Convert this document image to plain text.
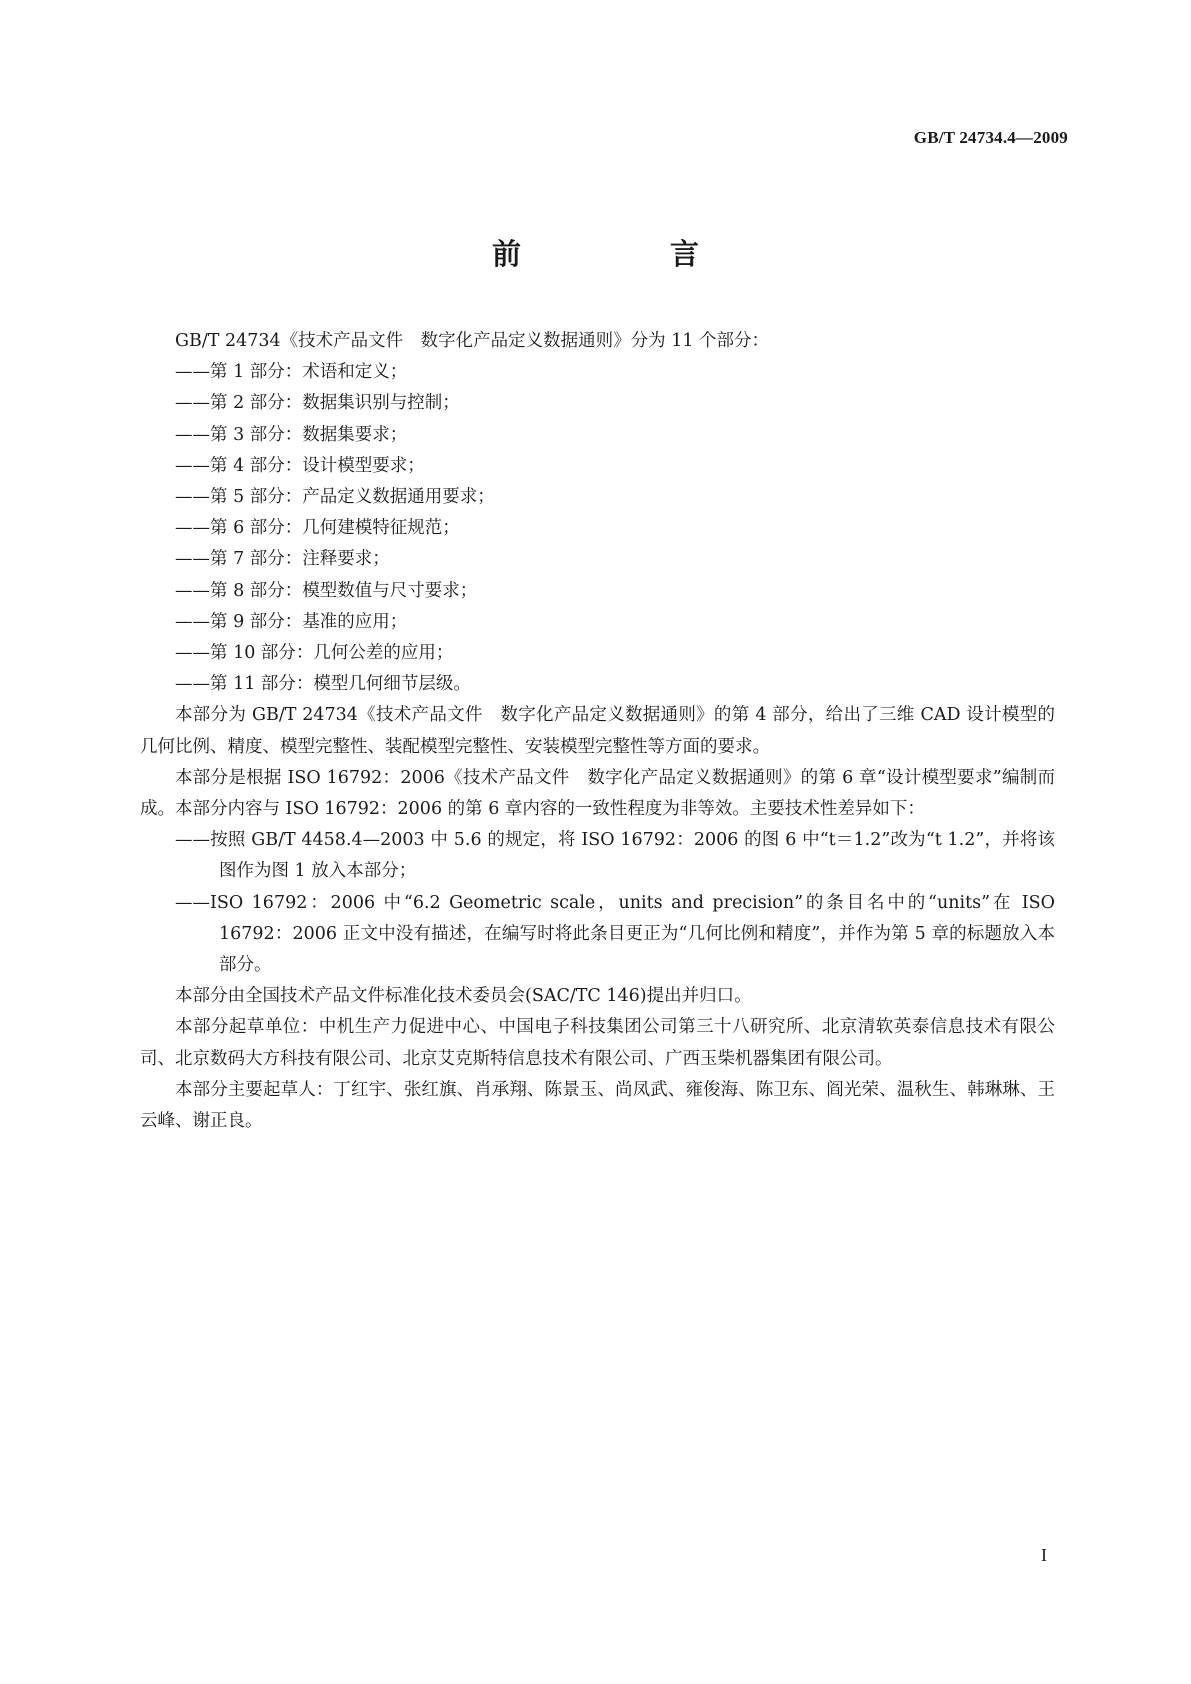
GB/T 24734.4—2009
前　言

GB/T 24734《技术产品文件　数字化产品定义数据通则》分为 11 个部分：

——第 1 部分：术语和定义；

——第 2 部分：数据集识别与控制；

——第 3 部分：数据集要求；

——第 4 部分：设计模型要求；

——第 5 部分：产品定义数据通用要求；

——第 6 部分：几何建模特征规范；

——第 7 部分：注释要求；

——第 8 部分：模型数值与尺寸要求；

——第 9 部分：基准的应用；

——第 10 部分：几何公差的应用；

——第 11 部分：模型几何细节层级。

本部分为 GB/T 24734《技术产品文件　数字化产品定义数据通则》的第 4 部分，给出了三维 CAD 设计模型的几何比例、精度、模型完整性、装配模型完整性、安装模型完整性等方面的要求。

本部分是根据 ISO 16792：2006《技术产品文件　数字化产品定义数据通则》的第 6 章“设计模型要求”编制而成。本部分内容与 ISO 16792：2006 的第 6 章内容的一致性程度为非等效。主要技术性差异如下：

——按照 GB/T 4458.4—2003 中 5.6 的规定，将 ISO 16792：2006 的图 6 中“t＝1.2”改为“t 1.2”，并将该图作为图 1 放入本部分；

——ISO 16792：2006 中“6.2 Geometric scale，units and precision”的条目名中的“units”在 ISO 16792：2006 正文中没有描述，在编写时将此条目更正为“几何比例和精度”，并作为第 5 章的标题放入本部分。

本部分由全国技术产品文件标准化技术委员会(SAC/TC 146)提出并归口。

本部分起草单位：中机生产力促进中心、中国电子科技集团公司第三十八研究所、北京清软英泰信息技术有限公司、北京数码大方科技有限公司、北京艾克斯特信息技术有限公司、广西玉柴机器集团有限公司。

本部分主要起草人：丁红宇、张红旗、肖承翔、陈景玉、尚凤武、雍俊海、陈卫东、阎光荣、温秋生、韩琳琳、王云峰、谢正良。

I
